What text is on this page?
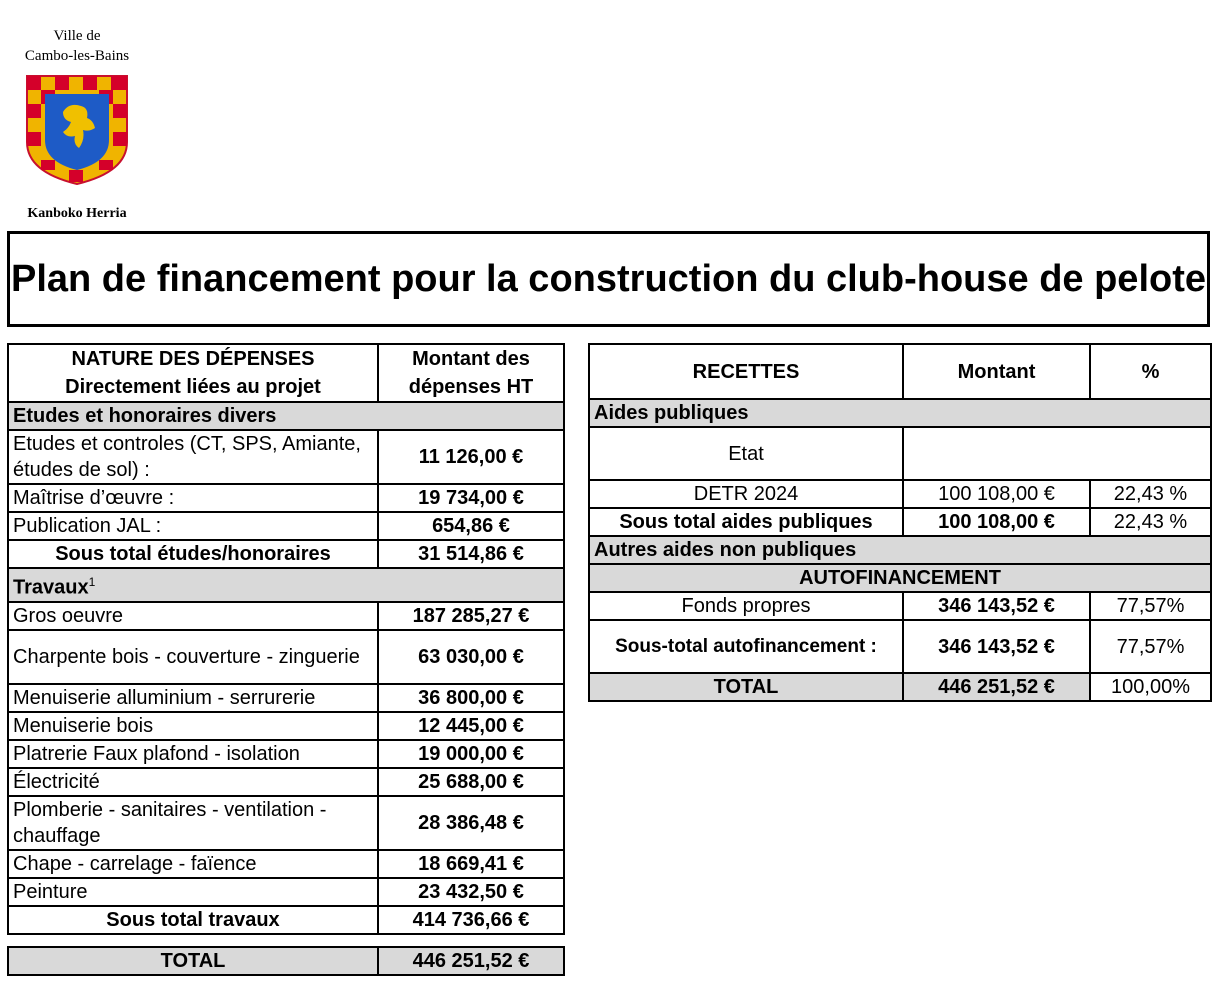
Ville de
Cambo-les-Bains
Kanboko Herria
Plan de financement pour la construction du club-house de pelote
NATURE DES DÉPENSES Directement liées au projet	Montant des dépenses HT
Etudes et honoraires divers	
Etudes et controles (CT, SPS, Amiante, études de sol) :	11 126,00 €
Maîtrise d’œuvre :	19 734,00 €
Publication JAL :	654,86 €
Sous total études/honoraires	31 514,86 €
Travaux$^1$
Gros oeuvre	187 285,27 €
Charpente bois - couverture - zinguerie	63 030,00 €
Menuiserie alluminium - serrurerie	36 800,00 €
Menuiserie bois	12 445,00 €
Platrerie Faux plafond - isolation	19 000,00 €
Électricité	25 688,00 €
Plomberie - sanitaires - ventilation - chauffage	28 386,48 €
Chape - carrelage - faïence	18 669,41 €
Peinture	23 432,50 €
Sous total travaux	414 736,66 €
TOTAL	446 251,52 €
RECETTES	Montant	%
Aides publiques		
Etat		
DETR 2024	100 108,00 €	22,43 %
Sous total aides publiques	100 108,00 €	22,43 %
Autres aides non publiques		
AUTOFINANCEMENT		
Fonds propres	346 143,52 €	77,57%
Sous-total autofinancement :	346 143,52 €	77,57%
TOTAL	446 251,52 €	100,00%
